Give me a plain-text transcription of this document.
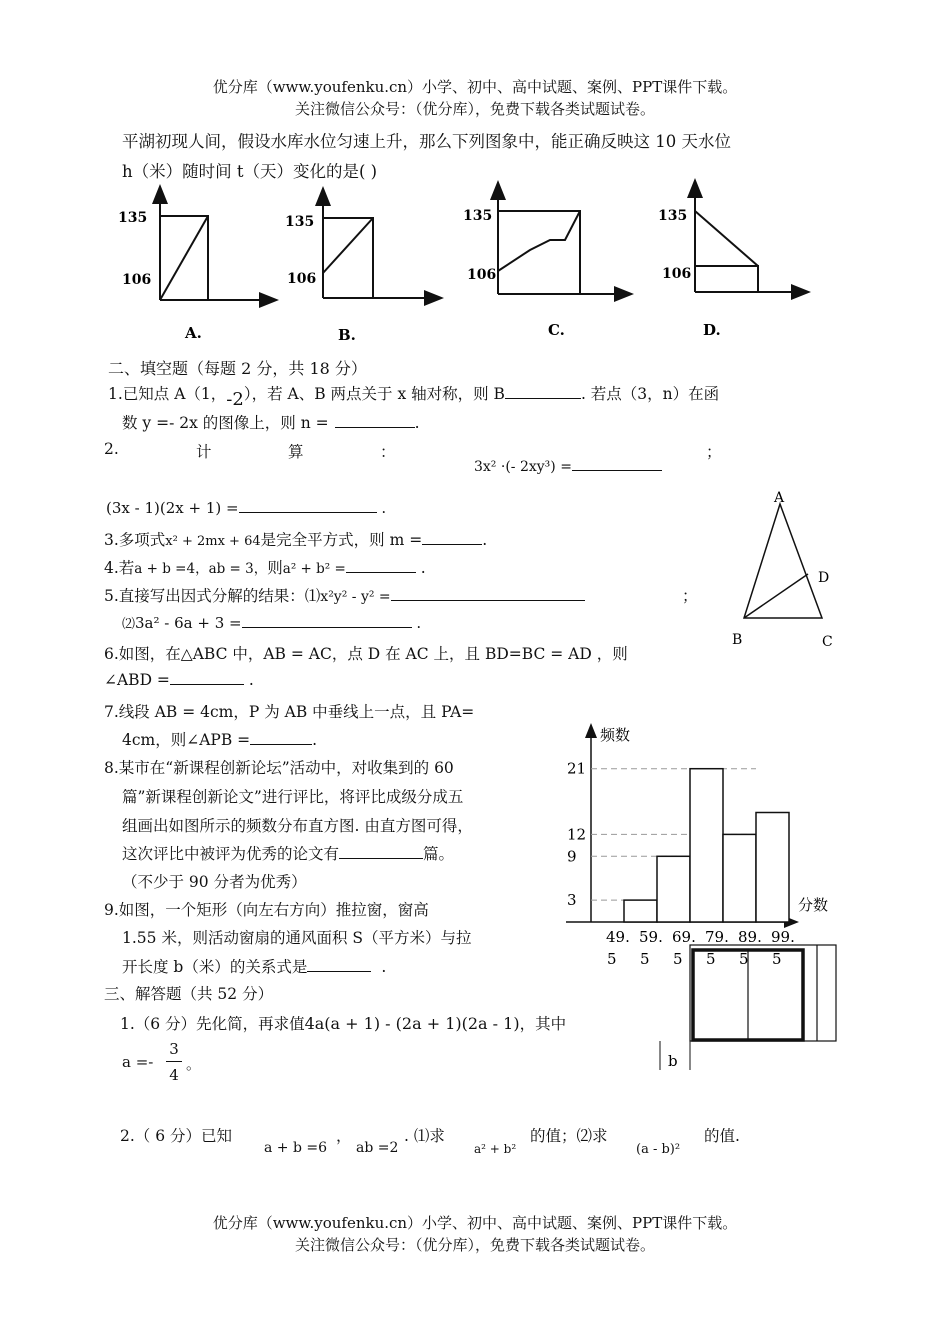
优分库（www.youfenku.cn）小学、初中、高中试题、案例、PPT课件下载。
关注微信公众号：（优分库），免费下载各类试题试卷。
平湖初现人间，假设水库水位匀速上升，那么下列图象中，能正确反映这 10 天水位
h（米）随时间 t（天）变化的是( )
135
106
A.
135
106
B.
135
106
C.
135
106
D.
二、填空题（每题 2 分，共 18 分）
1.已知点 A（1，-2），若 A、B 两点关于 x 轴对称，则 B	. 若点（3，n）在函
数 y =- 2x 的图像上，则 n =	.
2.	计	算	：
3x² ·(- 2xy³) =
；
(3x - 1)(2x + 1) =	.
3.多项式x² + 2mx + 64是完全平方式，则 m =	.
4.若a + b =4，ab = 3，则a² + b² =	.
5.直接写出因式分解的结果：⑴x²y² - y² =	；
⑵3a² - 6a + 3 =	.
6.如图，在△ABC 中，AB = AC，点 D 在 AC 上，且 BD=BC = AD ，则
∠ABD =	.
7.线段 AB = 4cm，P 为 AB 中垂线上一点，且 PA=
4cm，则∠APB =	.
8.某市在“新课程创新论坛”活动中，对收集到的 60
篇”新课程创新论文”进行评比，将评比成级分成五
组画出如图所示的频数分布直方图. 由直方图可得，
这次评比中被评为优秀的论文有	篇。
（不少于 90 分者为优秀）
9.如图，一个矩形（向左右方向）推拉窗，窗高
1.55 米，则活动窗扇的通风面积 S（平方米）与拉
开长度 b（米）的关系式是	.
三、解答题（共 52 分）
1.（6 分）先化简，再求值4a(a + 1) - (2a + 1)(2a - 1)，其中
a =-
3
4
。
2.（ 6 分）已知
a + b =6
，
ab =2
. ⑴求
a² + b²
的值；⑵求
(a - b)²
的值.
A
B	C
D
频数
分数
3
9
12
21
49.
5
59.
5
69.
5
79.
5
89.
5
99.
5
b
优分库（www.youfenku.cn）小学、初中、高中试题、案例、PPT课件下载。
关注微信公众号：（优分库），免费下载各类试题试卷。
